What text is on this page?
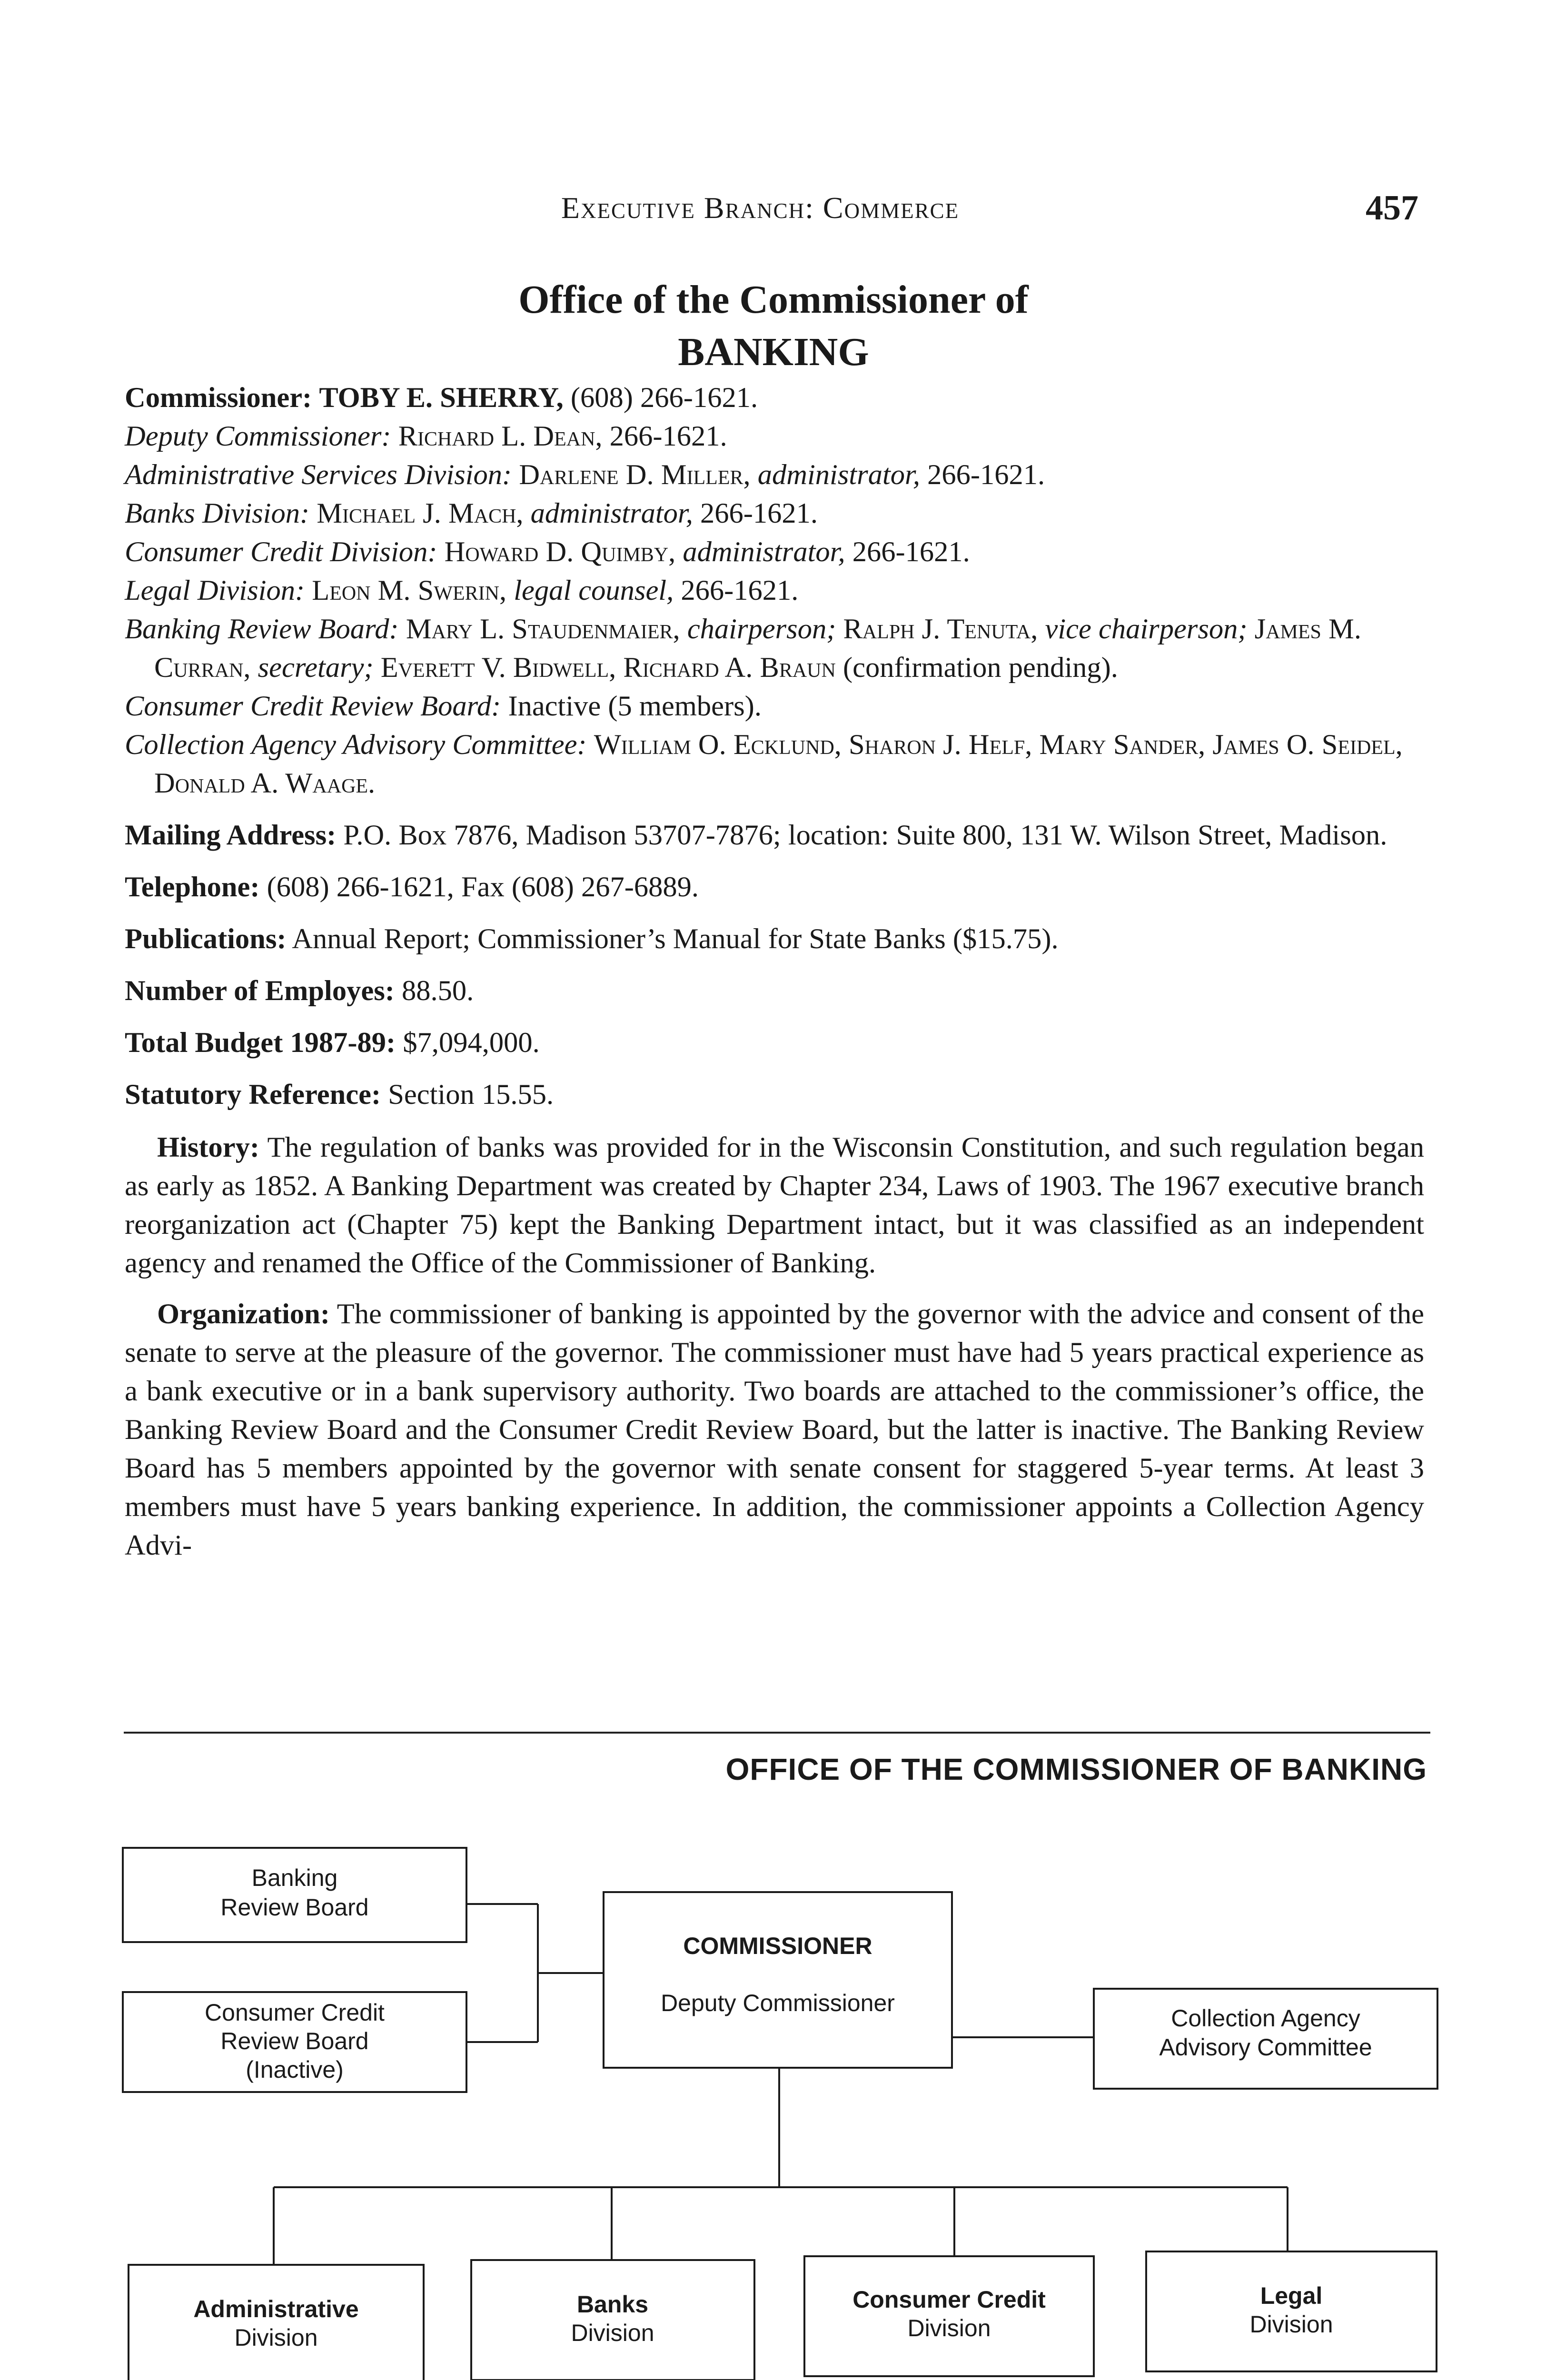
Executive Branch: Commerce	457
Office of the Commissioner of
BANKING

Commissioner: TOBY E. SHERRY, (608) 266-1621.

Deputy Commissioner: Richard L. Dean, 266-1621.

Administrative Services Division: Darlene D. Miller, administrator, 266-1621.

Banks Division: Michael J. Mach, administrator, 266-1621.

Consumer Credit Division: Howard D. Quimby, administrator, 266-1621.

Legal Division: Leon M. Swerin, legal counsel, 266-1621.

Banking Review Board: Mary L. Staudenmaier, chairperson; Ralph J. Tenuta, vice chairperson; James M. Curran, secretary; Everett V. Bidwell, Richard A. Braun (confirmation pending).

Consumer Credit Review Board: Inactive (5 members).

Collection Agency Advisory Committee: William O. Ecklund, Sharon J. Helf, Mary Sander, James O. Seidel, Donald A. Waage.

Mailing Address: P.O. Box 7876, Madison 53707-7876; location: Suite 800, 131 W. Wilson Street, Madison.

Telephone: (608) 266-1621, Fax (608) 267-6889.

Publications: Annual Report; Commissioner’s Manual for State Banks ($15.75).

Number of Employes: 88.50.

Total Budget 1987-89: $7,094,000.

Statutory Reference: Section 15.55.

History: The regulation of banks was provided for in the Wisconsin Constitution, and such regulation began as early as 1852. A Banking Department was created by Chapter 234, Laws of 1903. The 1967 executive branch reorganization act (Chapter 75) kept the Banking Department intact, but it was classified as an independent agency and renamed the Office of the Commissioner of Banking.

Organization: The commissioner of banking is appointed by the governor with the advice and consent of the senate to serve at the pleasure of the governor. The commissioner must have had 5 years practical experience as a bank executive or in a bank supervisory authority. Two boards are attached to the commissioner’s office, the Banking Review Board and the Consumer Credit Review Board, but the latter is inactive. The Banking Review Board has 5 members appointed by the governor with senate consent for staggered 5-year terms. At least 3 members must have 5 years banking experience. In addition, the commissioner appoints a Collection Agency Advi-

OFFICE OF THE COMMISSIONER OF BANKING
Banking
Review Board
Consumer Credit
Review Board
(Inactive)
COMMISSIONER
Deputy Commissioner
Collection Agency
Advisory Committee
Administrative
Division
Banks
Division
Consumer Credit
Division
Legal
Division
